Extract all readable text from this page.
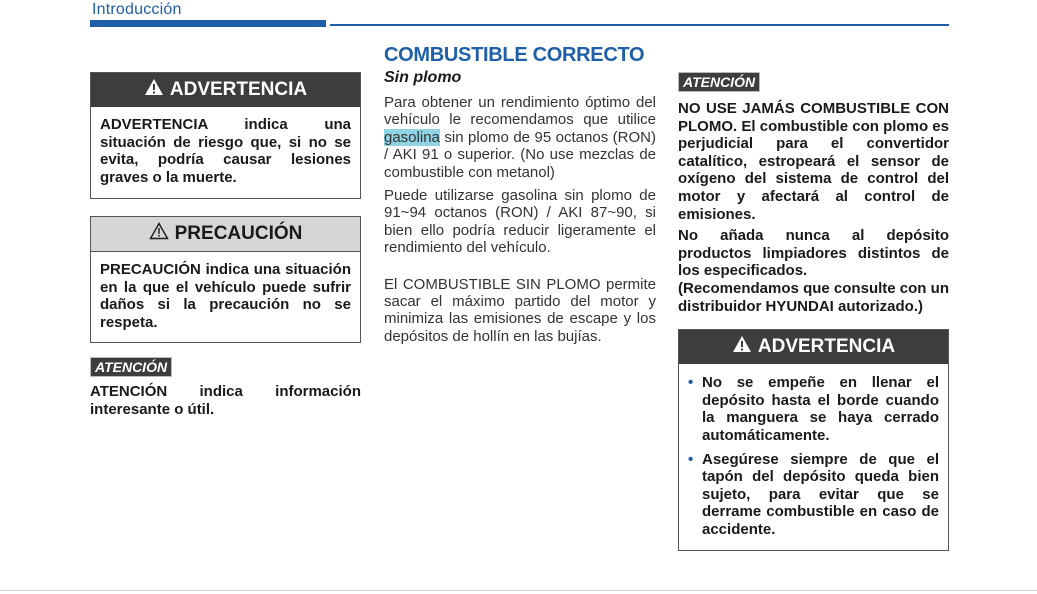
Introducción
ADVERTENCIA
ADVERTENCIA indica una situación de riesgo que, si no se evita, podría causar lesiones graves o la muerte.
PRECAUCIÓN
PRECAUCIÓN indica una situación en la que el vehículo puede sufrir daños si la precaución no se respeta.
ATENCIÓN
ATENCIÓN indica información interesante o útil.
COMBUSTIBLE CORRECTO
Sin plomo
Para obtener un rendimiento óptimo del vehículo le recomendamos que utilice gasolina sin plomo de 95 octanos (RON) / AKI 91 o superior. (No use mezclas de combustible con metanol)
Puede utilizarse gasolina sin plomo de 91~94 octanos (RON) / AKI 87~90, si bien ello podría reducir ligeramente el rendimiento del vehículo.
El COMBUSTIBLE SIN PLOMO permite sacar el máximo partido del motor y minimiza las emisiones de escape y los depósitos de hollín en las bujías.
ATENCIÓN
NO USE JAMÁS COMBUSTIBLE CON PLOMO. El combustible con plomo es perjudicial para el convertidor catalítico, estropeará el sensor de oxígeno del sistema de control del motor y afectará al control de emisiones.
No añada nunca al depósito productos limpiadores distintos de los especificados.
(Recomendamos que consulte con un distribuidor HYUNDAI autorizado.)
ADVERTENCIA
• No se empeñe en llenar el depósito hasta el borde cuando la manguera se haya cerrado automáticamente.
• Asegúrese siempre de que el tapón del depósito queda bien sujeto, para evitar que se derrame combustible en caso de accidente.
